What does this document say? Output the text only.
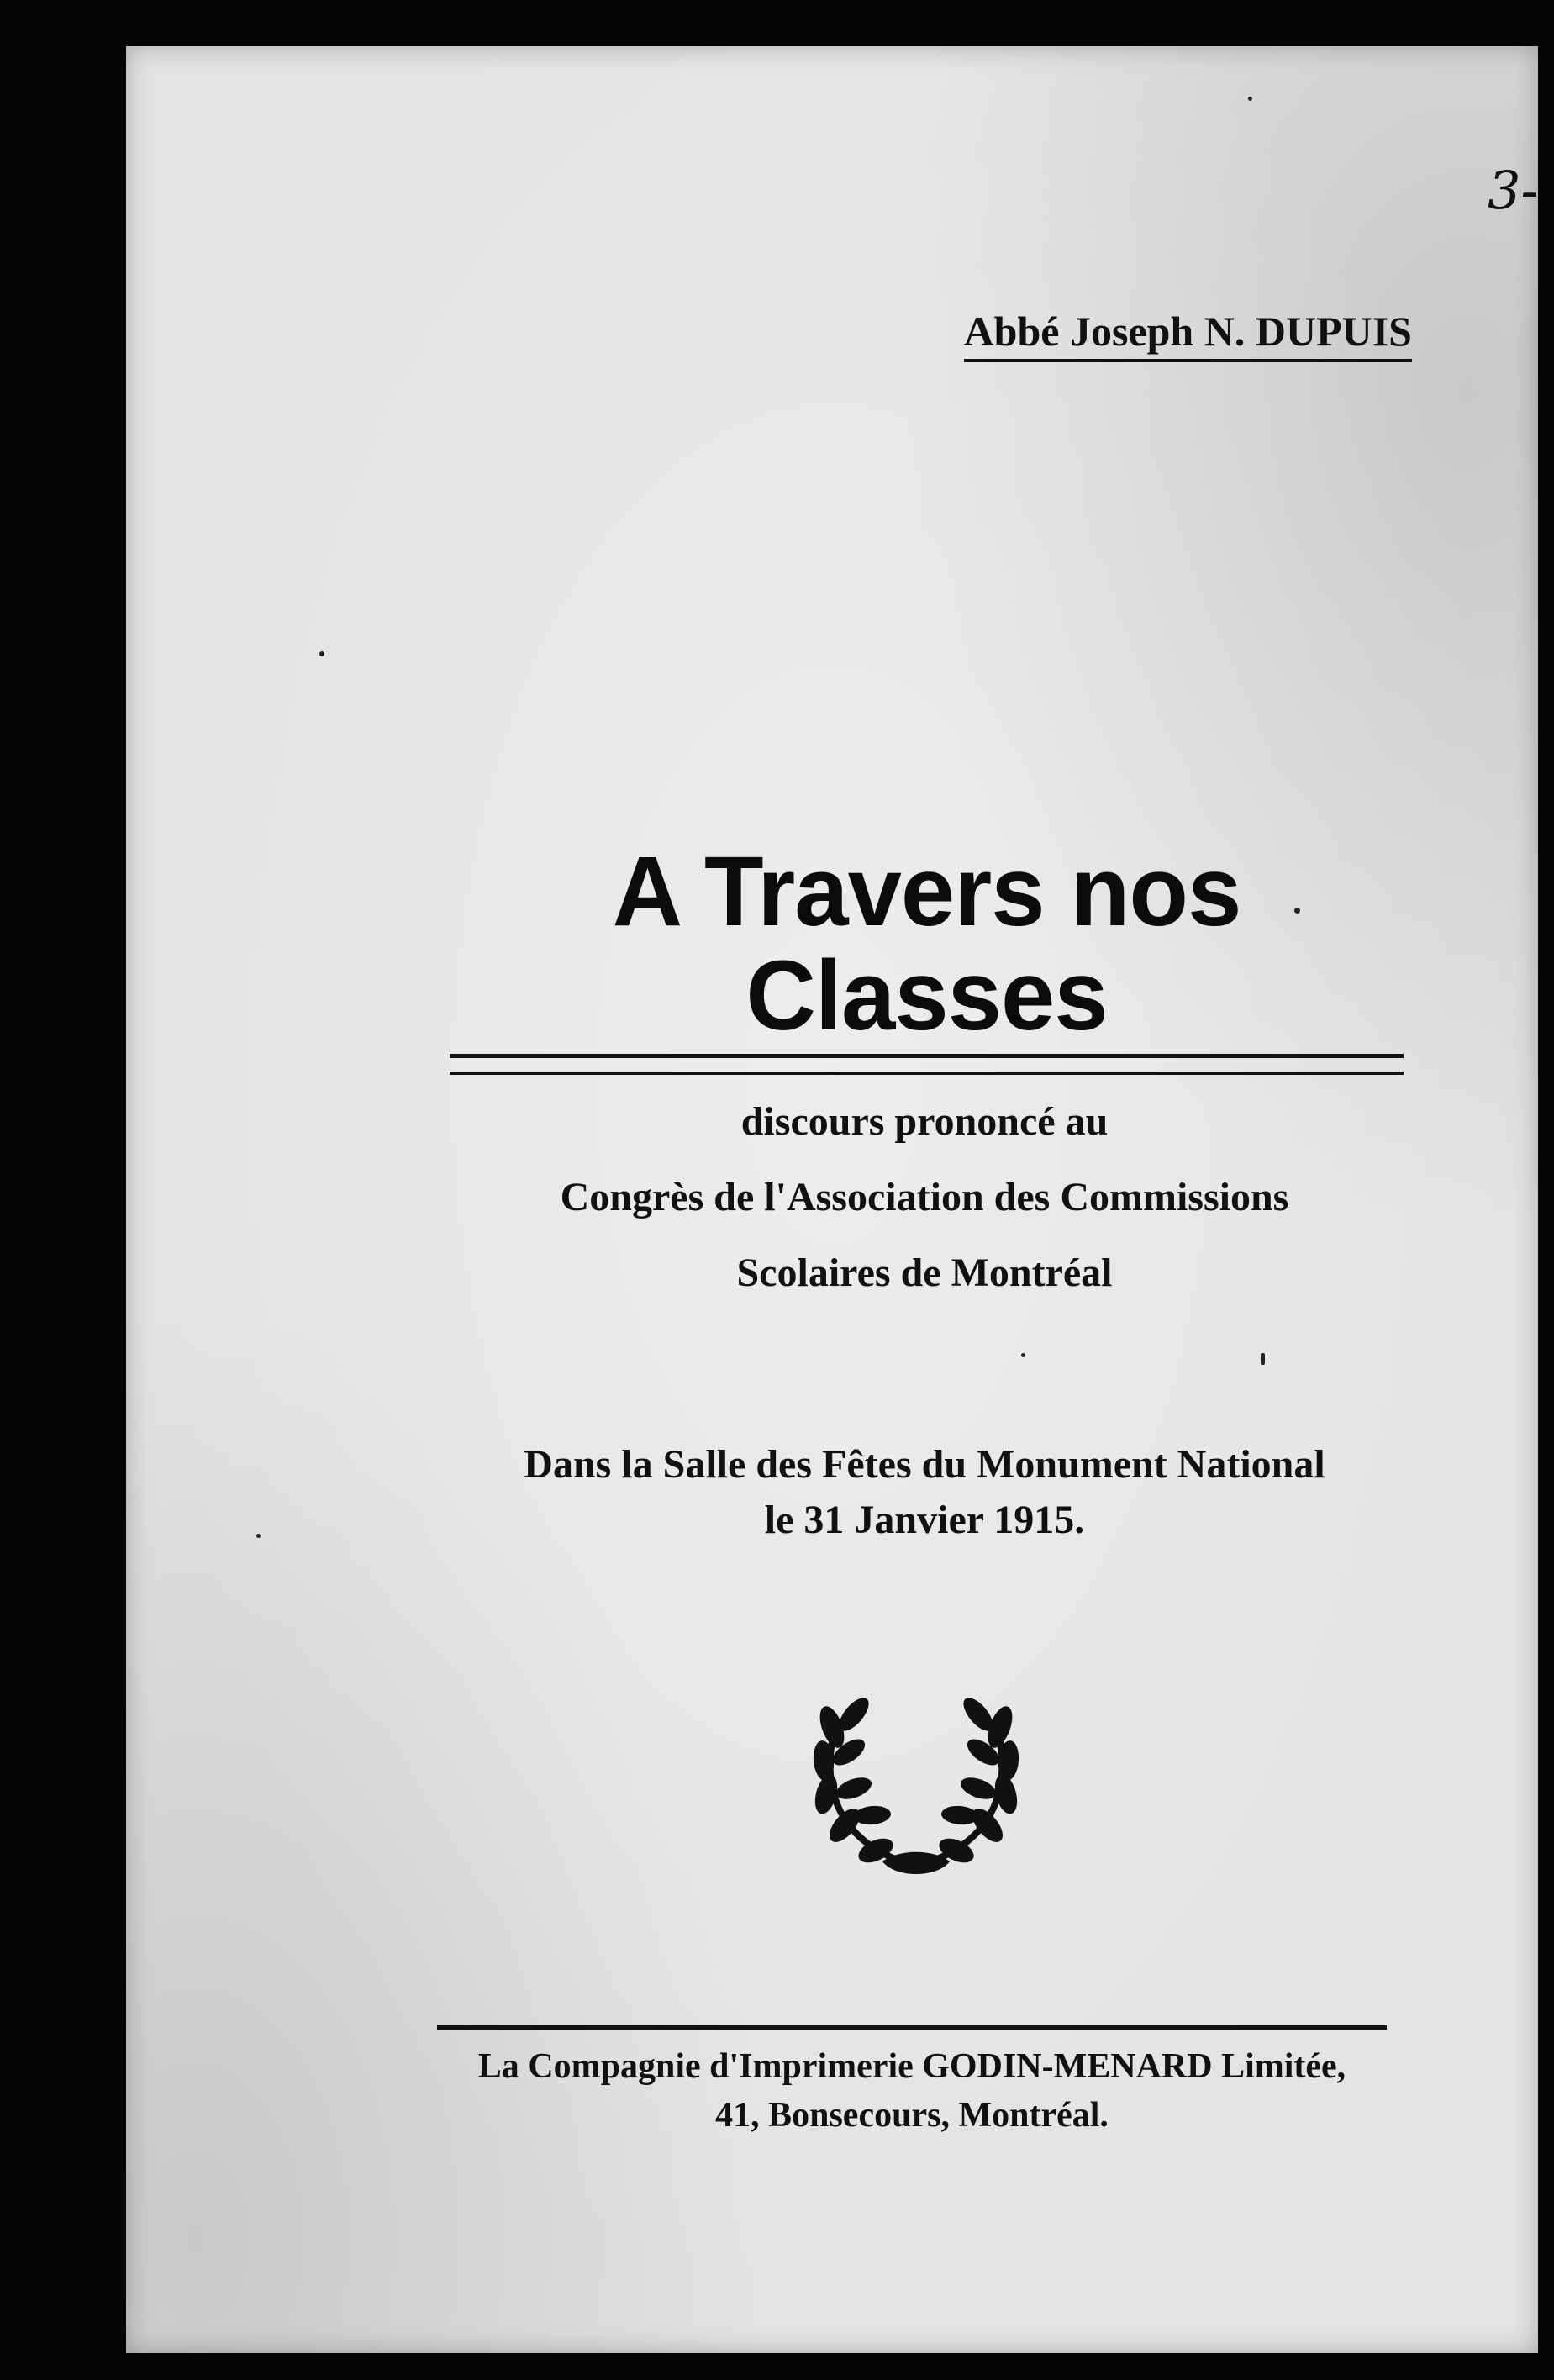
3-
Abbé Joseph N. DUPUIS
A Travers nos Classes
discours prononcé au
Congrès de l'Association des Commissions
Scolaires de Montréal
Dans la Salle des Fêtes du Monument National
le 31 Janvier 1915.
La Compagnie d'Imprimerie GODIN-MENARD Limitée,
41, Bonsecours, Montréal.
